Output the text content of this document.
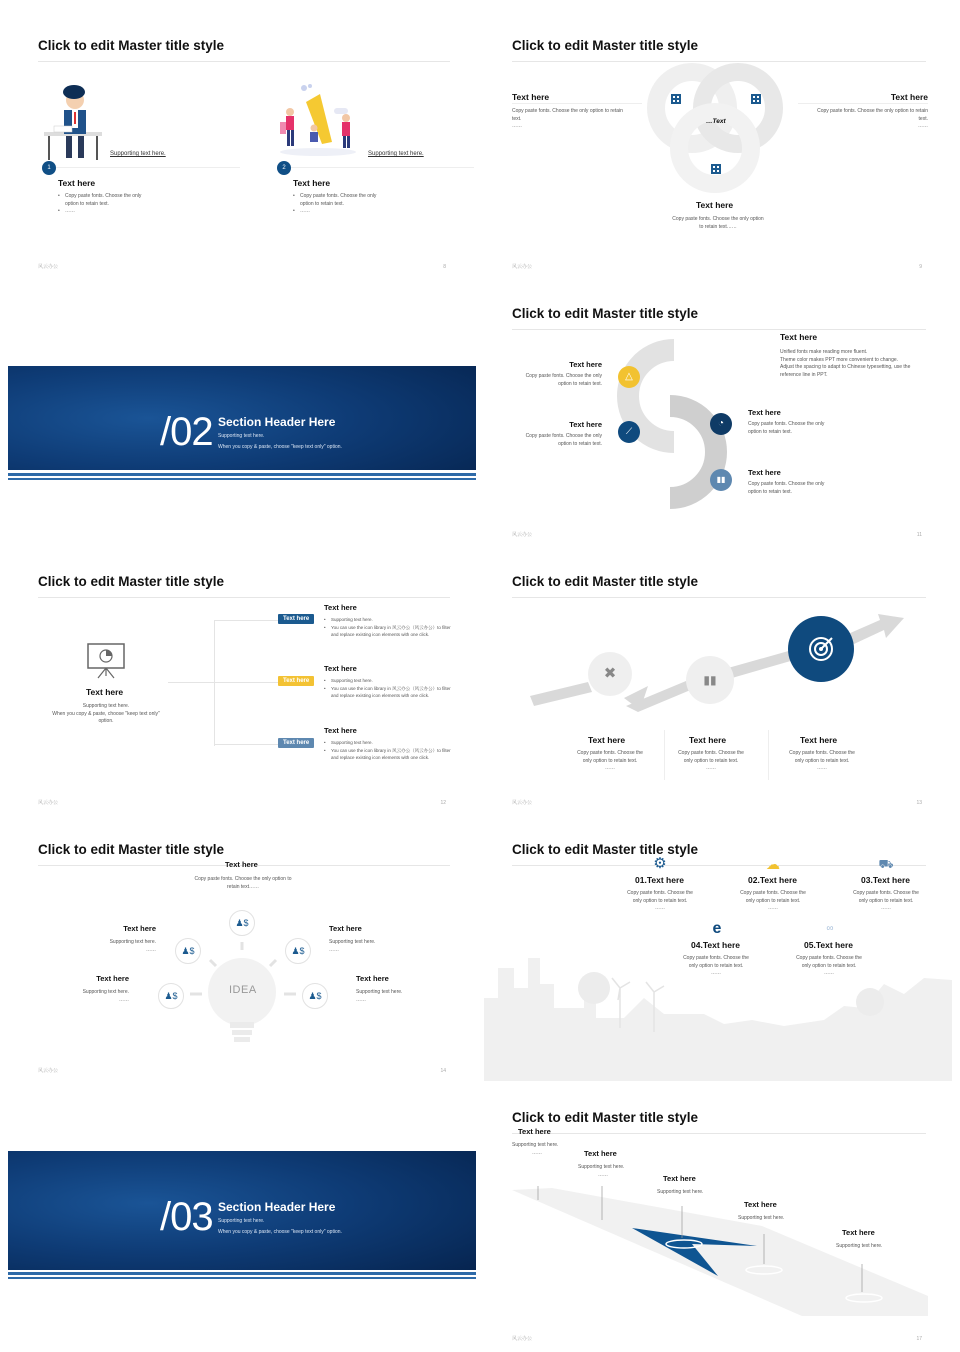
Click to edit Master title style
Supporting text here.	Supporting text here.
1	2
Text here
• Copy paste fonts. Choose the only
option to retain text.
• ……
Text here
• Copy paste fonts. Choose the only
option to retain text.
• ……
风云办公	8
Click to edit Master title style
…Text
Text here
Copy paste fonts. Choose the only option to retain
text.
……
Text here
Copy paste fonts. Choose the only option to retain
text.
……
Text here
Copy paste fonts. Choose the only option
to retain text……
风云办公	9
/02 Section Header Here
Supporting text here.
When you copy & paste, choose "keep text only" option.
Click to edit Master title style
△
⟋
◔
▮▮
Text here
Unified fonts make reading more fluent.
Theme color makes PPT more convenient to change.
Adjust the spacing to adapt to Chinese typesetting, use the
reference line in PPT.
Text here
Copy paste fonts. Choose the only
option to retain text.
Text here
Copy paste fonts. Choose the only
option to retain text.
Text here
Copy paste fonts. Choose the only
option to retain text.
Text here
Copy paste fonts. Choose the only
option to retain text.
风云办公	11
Click to edit Master title style
Text here
Supporting text here.
When you copy & paste, choose "keep text only" option.
Text here
Text here
• Supporting text here.
• You can use the icon library in 风云办公（风云办公）to filter
and replace existing icon elements with one click.
Text here
Text here
• Supporting text here.
• You can use the icon library in 风云办公（风云办公）to filter
and replace existing icon elements with one click.
Text here
Text here
• Supporting text here.
• You can use the icon library in 风云办公（风云办公）to filter
and replace existing icon elements with one click.
风云办公	12
Click to edit Master title style
✖	▮▮
Text here
Copy paste fonts. Choose the
only option to retain text.
……
Text here
Copy paste fonts. Choose the
only option to retain text.
……
Text here
Copy paste fonts. Choose the
only option to retain text.
……
风云办公	13
Click to edit Master title style
Text here
Copy paste fonts. Choose the only option to
retain text……
IDEA
♟$
♟$	♟$
♟$	♟$
Text here
Supporting text here.
……
Text here
Supporting text here.
……
Text here
Supporting text here.
……
Text here
Supporting text here.
……
风云办公	14
Click to edit Master title style
⚙	☁	⛟
e	∞
01.Text here
Copy paste fonts. Choose the
only option to retain text.
……
02.Text here
Copy paste fonts. Choose the
only option to retain text.
……
03.Text here
Copy paste fonts. Choose the
only option to retain text.
……
04.Text here
Copy paste fonts. Choose the
only option to retain text.
……
05.Text here
Copy paste fonts. Choose the
only option to retain text.
……
/03 Section Header Here
Supporting text here.
When you copy & paste, choose "keep text only" option.
Click to edit Master title style
Text here
Supporting text here.
……	Text here
Supporting text here.
……	Text here
Supporting text here.
Text here
Supporting text here.
Text here
Supporting text here.
风云办公	17
